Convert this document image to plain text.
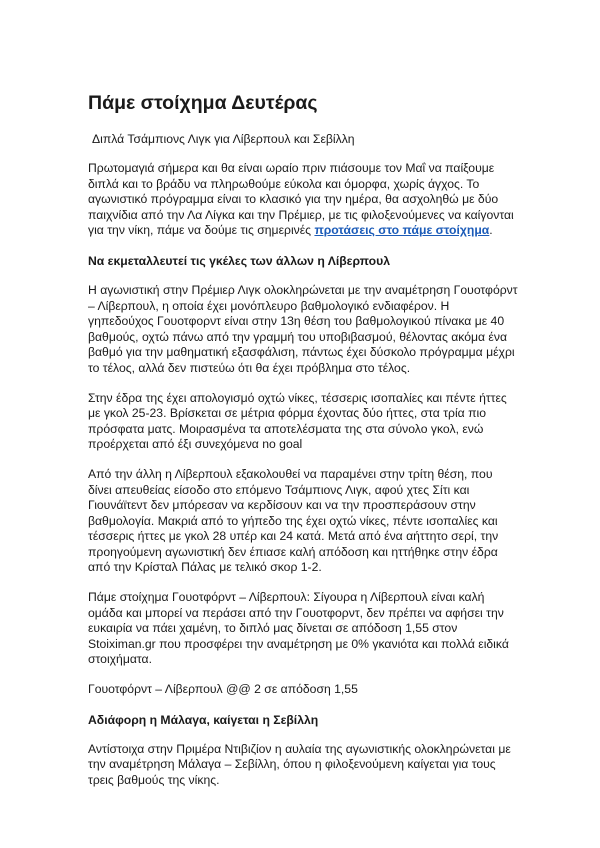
Πάμε στοίχημα Δευτέρας
Διπλά Τσάμπιονς Λιγκ για Λίβερπουλ και Σεβίλλη

Πρωτομαγιά σήμερα και θα είναι ωραίο πριν πιάσουμε τον Μαΐ να παίξουμε διπλά και το βράδυ να πληρωθούμε εύκολα και όμορφα, χωρίς άγχος. Το αγωνιστικό πρόγραμμα είναι το κλασικό για την ημέρα, θα ασχοληθώ με δύο παιχνίδια από την Λα Λίγκα και την Πρέμιερ, με τις φιλοξενούμενες να καίγονται για την νίκη, πάμε να δούμε τις σημερινές προτάσεις στο πάμε στοίχημα.

Να εκμεταλλευτεί τις γκέλες των άλλων η Λίβερπουλ

Η αγωνιστική στην Πρέμιερ Λιγκ ολοκληρώνεται με την αναμέτρηση Γουοτφόρντ – Λίβερπουλ, η οποία έχει μονόπλευρο βαθμολογικό ενδιαφέρον. Η γηπεδούχος Γουοτφορντ είναι στην 13η θέση του βαθμολογικού πίνακα με 40 βαθμούς, οχτώ πάνω από την γραμμή του υποβιβασμού, θέλοντας ακόμα ένα βαθμό για την μαθηματική εξασφάλιση, πάντως έχει δύσκολο πρόγραμμα μέχρι το τέλος, αλλά δεν πιστεύω ότι θα έχει πρόβλημα στο τέλος.

Στην έδρα της έχει απολογισμό οχτώ νίκες, τέσσερις ισοπαλίες και πέντε ήττες με γκολ 25-23. Βρίσκεται σε μέτρια φόρμα έχοντας δύο ήττες, στα τρία πιο πρόσφατα ματς. Μοιρασμένα τα αποτελέσματα της στα σύνολο γκολ, ενώ προέρχεται από έξι συνεχόμενα no goal

Από την άλλη η Λίβερπουλ εξακολουθεί να παραμένει στην τρίτη θέση, που δίνει απευθείας είσοδο στο επόμενο Τσάμπιονς Λιγκ, αφού χτες Σίτι και Γιουνάϊτεντ δεν μπόρεσαν να κερδίσουν και να την προσπεράσουν στην βαθμολογία. Μακριά από το γήπεδο της έχει οχτώ νίκες, πέντε ισοπαλίες και τέσσερις ήττες με γκολ 28 υπέρ και 24 κατά. Μετά από ένα αήττητο σερί, την προηγούμενη αγωνιστική δεν έπιασε καλή απόδοση και ηττήθηκε στην έδρα από την Κρίσταλ Πάλας με τελικό σκορ 1-2.

Πάμε στοίχημα Γουοτφόρντ – Λίβερπουλ: Σίγουρα η Λίβερπουλ είναι καλή ομάδα και μπορεί να περάσει από την Γουοτφορντ, δεν πρέπει να αφήσει την ευκαιρία να πάει χαμένη, το διπλό μας δίνεται σε απόδοση 1,55 στον Stoiximan.gr που προσφέρει την αναμέτρηση με 0% γκανιότα και πολλά ειδικά στοιχήματα.

Γουοτφόρντ – Λίβερπουλ @@ 2 σε απόδοση 1,55

Αδιάφορη η Μάλαγα, καίγεται η Σεβίλλη

Αντίστοιχα στην Πριμέρα Ντιβιζίον η αυλαία της αγωνιστικής ολοκληρώνεται με την αναμέτρηση Μάλαγα – Σεβίλλη, όπου η φιλοξενούμενη καίγεται για τους τρεις βαθμούς της νίκης.
